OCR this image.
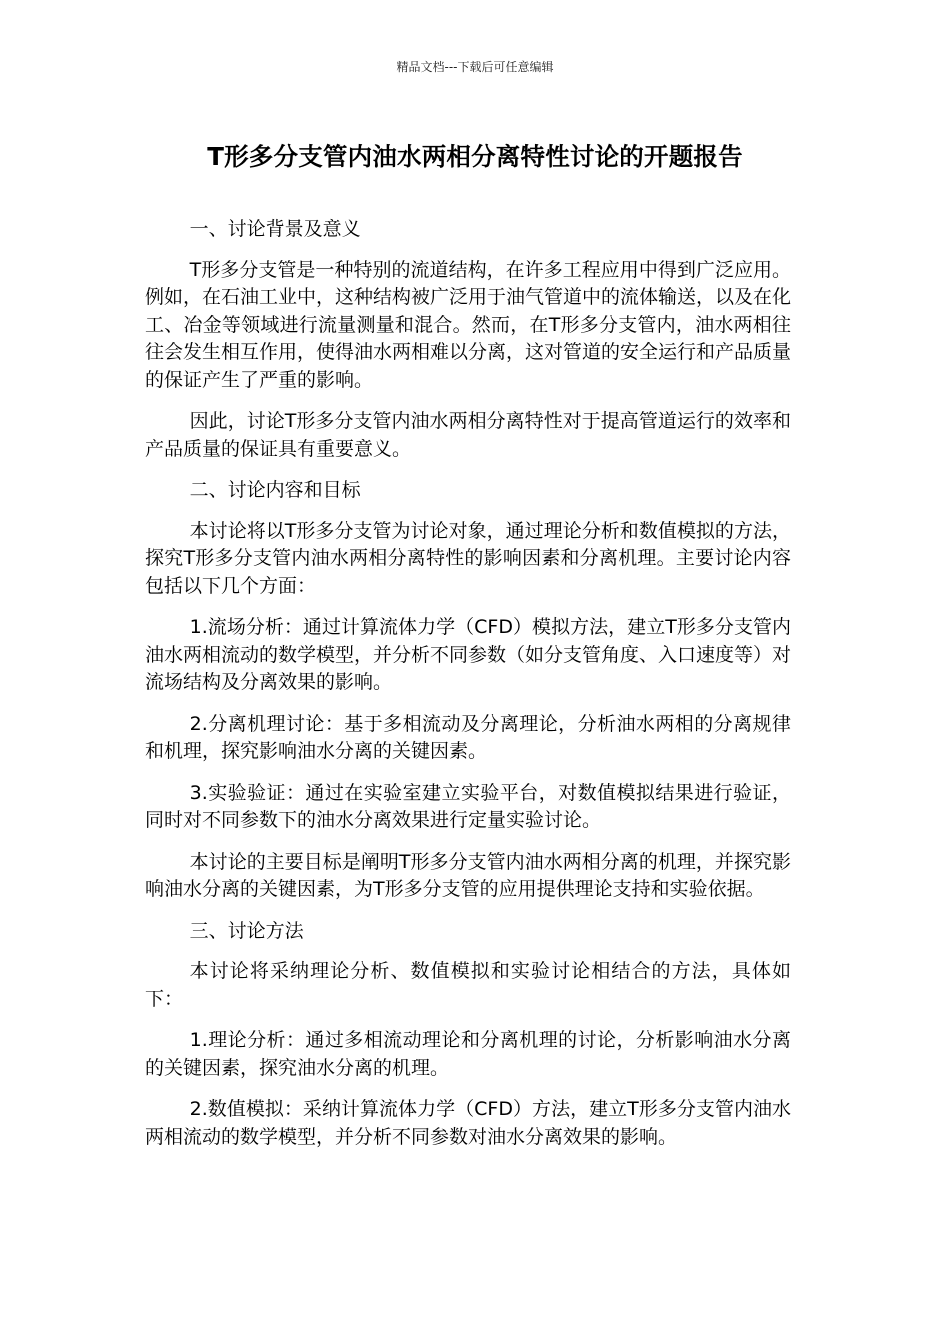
精品文档---下载后可任意编辑
T形多分支管内油水两相分离特性讨论的开题报告

一、讨论背景及意义

T形多分支管是一种特别的流道结构，在许多工程应用中得到广泛应用。例如，在石油工业中，这种结构被广泛用于油气管道中的流体输送，以及在化工、冶金等领域进行流量测量和混合。然而，在T形多分支管内，油水两相往往会发生相互作用，使得油水两相难以分离，这对管道的安全运行和产品质量的保证产生了严重的影响。

因此，讨论T形多分支管内油水两相分离特性对于提高管道运行的效率和产品质量的保证具有重要意义。

二、讨论内容和目标

本讨论将以T形多分支管为讨论对象，通过理论分析和数值模拟的方法，探究T形多分支管内油水两相分离特性的影响因素和分离机理。主要讨论内容包括以下几个方面：

1.流场分析：通过计算流体力学（CFD）模拟方法，建立T形多分支管内油水两相流动的数学模型，并分析不同参数（如分支管角度、入口速度等）对流场结构及分离效果的影响。

2.分离机理讨论：基于多相流动及分离理论，分析油水两相的分离规律和机理，探究影响油水分离的关键因素。

3.实验验证：通过在实验室建立实验平台，对数值模拟结果进行验证，同时对不同参数下的油水分离效果进行定量实验讨论。

本讨论的主要目标是阐明T形多分支管内油水两相分离的机理，并探究影响油水分离的关键因素，为T形多分支管的应用提供理论支持和实验依据。

三、讨论方法

本讨论将采纳理论分析、数值模拟和实验讨论相结合的方法，具体如下：

1.理论分析：通过多相流动理论和分离机理的讨论，分析影响油水分离的关键因素，探究油水分离的机理。

2.数值模拟：采纳计算流体力学（CFD）方法，建立T形多分支管内油水两相流动的数学模型，并分析不同参数对油水分离效果的影响。
